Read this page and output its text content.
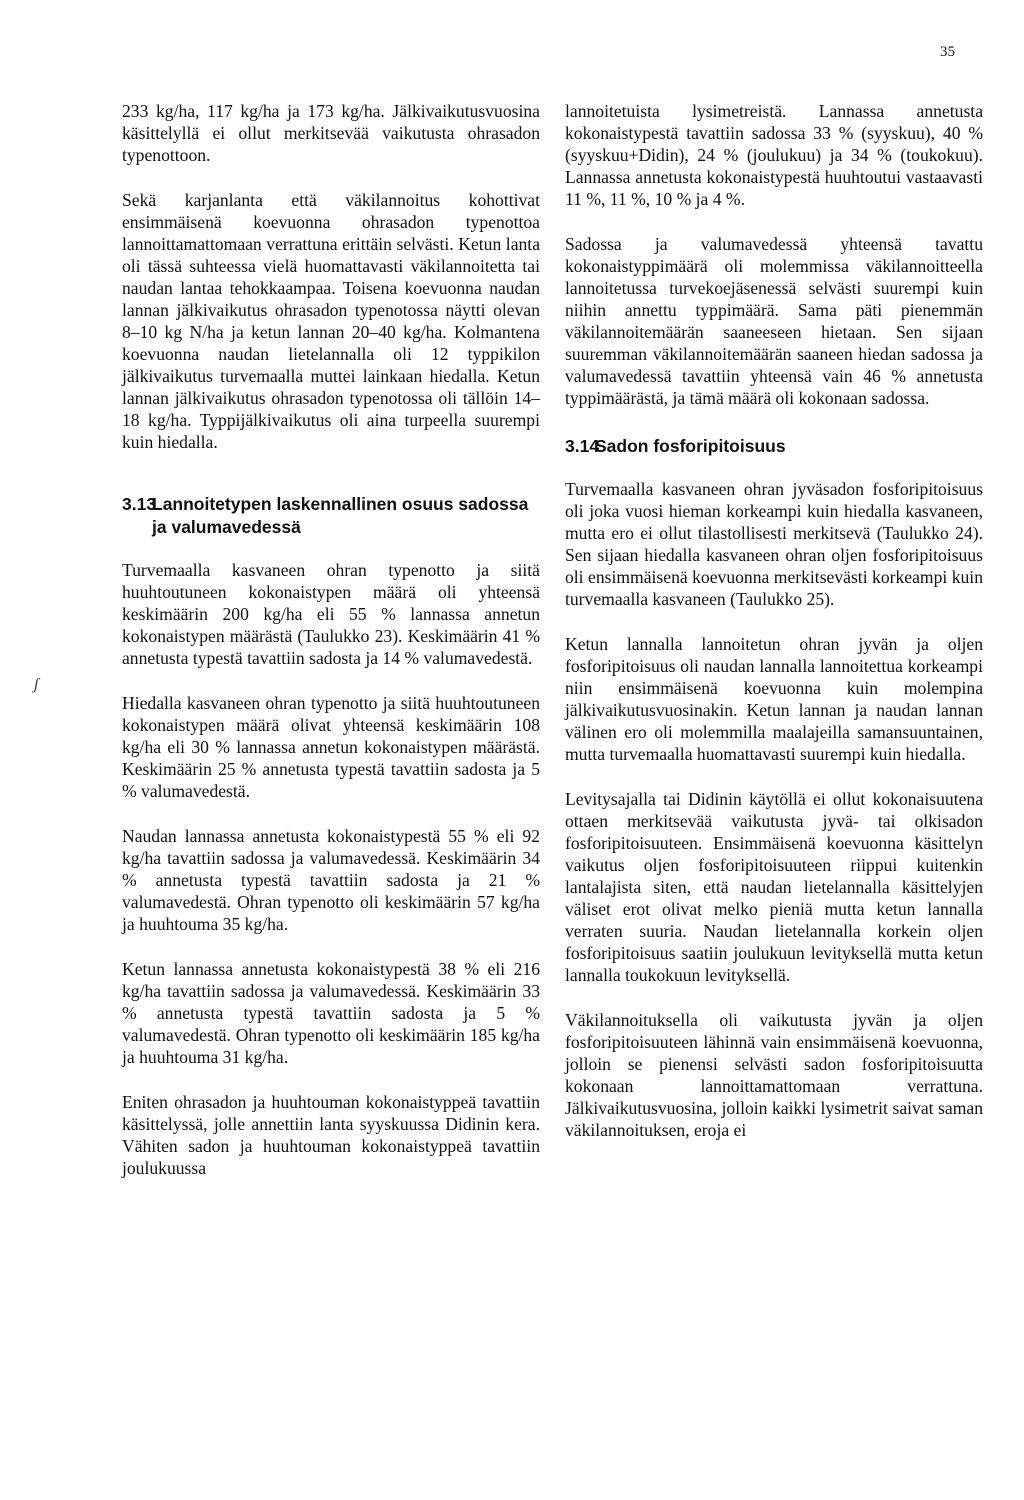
35
ʃ

233 kg/ha, 117 kg/ha ja 173 kg/ha. Jälkivaikutusvuosina käsittelyllä ei ollut merkitsevää vaikutusta ohrasadon typenottoon.

Sekä karjanlanta että väkilannoitus kohottivat ensimmäisenä koevuonna ohrasadon typenottoa lannoittamattomaan verrattuna erittäin selvästi. Ketun lanta oli tässä suhteessa vielä huomattavasti väkilannoitetta tai naudan lantaa tehokkaampaa. Toisena koevuonna naudan lannan jälkivaikutus ohrasadon typenotossa näytti olevan 8–10 kg N/ha ja ketun lannan 20–40 kg/ha. Kolmantena koevuonna naudan lietelannalla oli 12 typpikilon jälkivaikutus turvemaalla muttei lainkaan hiedalla. Ketun lannan jälkivaikutus ohrasadon typenotossa oli tällöin 14–18 kg/ha. Typpijälkivaikutus oli aina turpeella suurempi kuin hiedalla.

3.13
Lannoitetypen laskennallinen osuus sadossa ja valumavedessä

Turvemaalla kasvaneen ohran typenotto ja siitä huuhtoutuneen kokonaistypen määrä oli yhteensä keskimäärin 200 kg/ha eli 55 % lannassa annetun kokonaistypen määrästä (Taulukko 23). Keskimäärin 41 % annetusta typestä tavattiin sadosta ja 14 % valumavedestä.

Hiedalla kasvaneen ohran typenotto ja siitä huuhtoutuneen kokonaistypen määrä olivat yhteensä keskimäärin 108 kg/ha eli 30 % lannassa annetun kokonaistypen määrästä. Keskimäärin 25 % annetusta typestä tavattiin sadosta ja 5 % valumavedestä.

Naudan lannassa annetusta kokonaistypestä 55 % eli 92 kg/ha tavattiin sadossa ja valumavedessä. Keskimäärin 34 % annetusta typestä tavattiin sadosta ja 21 % valumavedestä. Ohran typenotto oli keskimäärin 57 kg/ha ja huuhtouma 35 kg/ha.

Ketun lannassa annetusta kokonaistypestä 38 % eli 216 kg/ha tavattiin sadossa ja valumavedessä. Keskimäärin 33 % annetusta typestä tavattiin sadosta ja 5 % valumavedestä. Ohran typenotto oli keskimäärin 185 kg/ha ja huuhtouma 31 kg/ha.

Eniten ohrasadon ja huuhtouman kokonaistyppeä tavattiin käsittelyssä, jolle annettiin lanta syyskuussa Didinin kera. Vähiten sadon ja huuhtouman kokonaistyppeä tavattiin joulukuussa

lannoitetuista lysimetreistä. Lannassa annetusta kokonaistypestä tavattiin sadossa 33 % (syyskuu), 40 % (syyskuu+Didin), 24 % (joulukuu) ja 34 % (toukokuu). Lannassa annetusta kokonaistypestä huuhtoutui vastaavasti 11 %, 11 %, 10 % ja 4 %.

Sadossa ja valumavedessä yhteensä tavattu kokonaistyppimäärä oli molemmissa väkilannoitteella lannoitetussa turvekoejäsenessä selvästi suurempi kuin niihin annettu typpimäärä. Sama päti pienemmän väkilannoitemäärän saaneeseen hietaan. Sen sijaan suuremman väkilannoitemäärän saaneen hiedan sadossa ja valumavedessä tavattiin yhteensä vain 46 % annetusta typpimäärästä, ja tämä määrä oli kokonaan sadossa.

3.14
Sadon fosforipitoisuus

Turvemaalla kasvaneen ohran jyväsadon fosforipitoisuus oli joka vuosi hieman korkeampi kuin hiedalla kasvaneen, mutta ero ei ollut tilastollisesti merkitsevä (Taulukko 24). Sen sijaan hiedalla kasvaneen ohran oljen fosforipitoisuus oli ensimmäisenä koevuonna merkitsevästi korkeampi kuin turvemaalla kasvaneen (Taulukko 25).

Ketun lannalla lannoitetun ohran jyvän ja oljen fosforipitoisuus oli naudan lannalla lannoitettua korkeampi niin ensimmäisenä koevuonna kuin molempina jälkivaikutusvuosinakin. Ketun lannan ja naudan lannan välinen ero oli molemmilla maalajeilla samansuuntainen, mutta turvemaalla huomattavasti suurempi kuin hiedalla.

Levitysajalla tai Didinin käytöllä ei ollut kokonaisuutena ottaen merkitsevää vaikutusta jyvä- tai olkisadon fosforipitoisuuteen. Ensimmäisenä koevuonna käsittelyn vaikutus oljen fosforipitoisuuteen riippui kuitenkin lantalajista siten, että naudan lietelannalla käsittelyjen väliset erot olivat melko pieniä mutta ketun lannalla verraten suuria. Naudan lietelannalla korkein oljen fosforipitoisuus saatiin joulukuun levityksellä mutta ketun lannalla toukokuun levityksellä.

Väkilannoituksella oli vaikutusta jyvän ja oljen fosforipitoisuuteen lähinnä vain ensimmäisenä koevuonna, jolloin se pienensi selvästi sadon fosforipitoisuutta kokonaan lannoittamattomaan verrattuna. Jälkivaikutusvuosina, jolloin kaikki lysimetrit saivat saman väkilannoituksen, eroja ei
